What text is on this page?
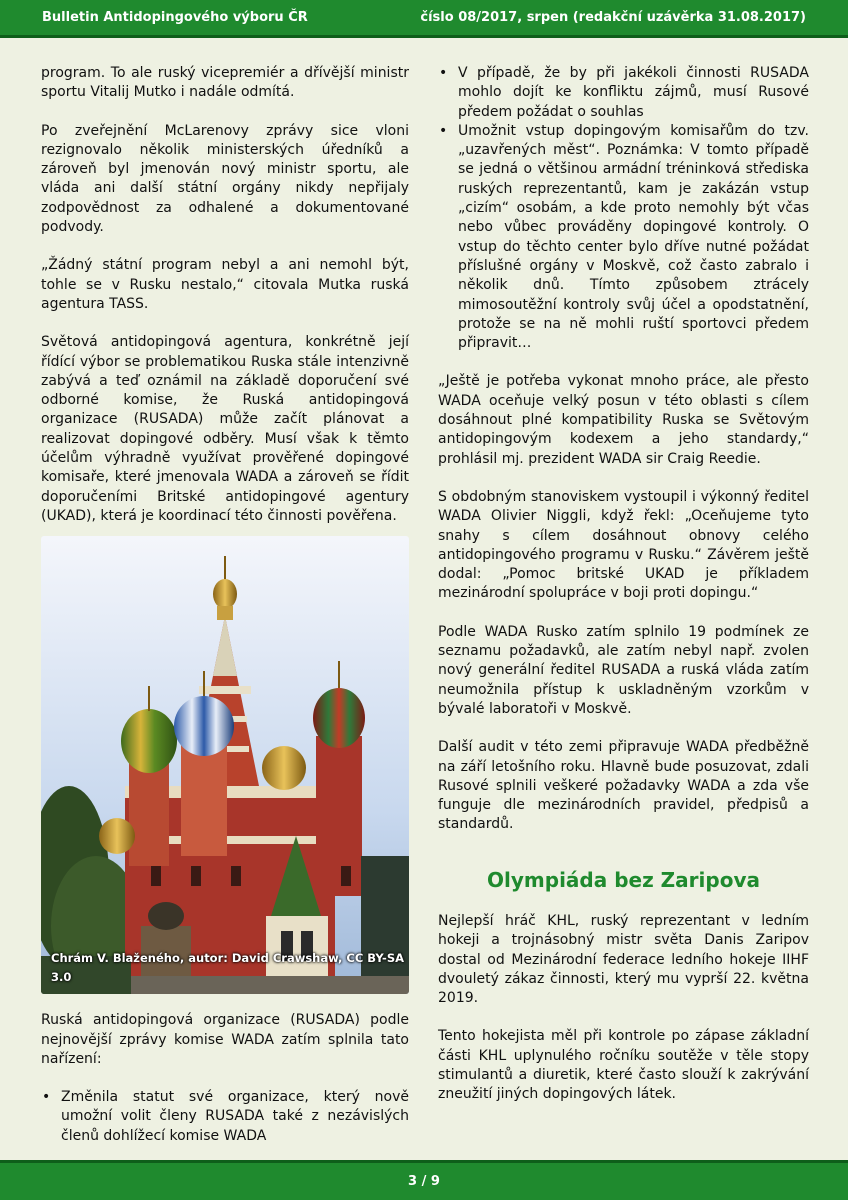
Bulletin Antidopingového výboru ČR	číslo 08/2017, srpen (redakční uzávěrka 31.08.2017)

program. To ale ruský vicepremiér a dřívější ministr sportu Vitalij Mutko i nadále odmítá.

Po zveřejnění McLarenovy zprávy sice vloni rezignovalo několik ministerských úředníků a zároveň byl jmenován nový ministr sportu, ale vláda ani další státní orgány nikdy nepřijaly zodpovědnost za odhalené a dokumentované podvody.

„Žádný státní program nebyl a ani nemohl být, tohle se v Rusku nestalo,“ citovala Mutka ruská agentura TASS.

Světová antidopingová agentura, konkrétně její řídící výbor se problematikou Ruska stále intenzivně zabývá a teď oznámil na základě doporučení své odborné komise, že Ruská antidopingová organizace (RUSADA) může začít plánovat a realizovat dopingové odběry. Musí však k těmto účelům výhradně využívat prověřené dopingové komisaře, které jmenovala WADA a zároveň se řídit doporučeními Britské antidopingové agentury (UKAD), která je koordinací této činnosti pověřena.

Chrám V. Blaženého, autor: David Crawshaw, CC BY-SA 3.0

Ruská antidopingová organizace (RUSADA) podle nejnovější zprávy komise WADA zatím splnila tato nařízení:

• Změnila statut své organizace, který nově umožní volit členy RUSADA také z nezávislých členů dohlížecí komise WADA
• V případě, že by při jakékoli činnosti RUSADA mohlo dojít ke konfliktu zájmů, musí Rusové předem požádat o souhlas
• Umožnit vstup dopingovým komisařům do tzv. „uzavřených měst“. Poznámka: V tomto případě se jedná o většinou armádní tréninková střediska ruských reprezentantů, kam je zakázán vstup „cizím“ osobám, a kde proto nemohly být včas nebo vůbec prováděny dopingové kontroly. O vstup do těchto center bylo dříve nutné požádat příslušné orgány v Moskvě, což často zabralo i několik dnů. Tímto způsobem ztrácely mimosoutěžní kontroly svůj účel a opodstatnění, protože se na ně mohli ruští sportovci předem připravit…

„Ještě je potřeba vykonat mnoho práce, ale přesto WADA oceňuje velký posun v této oblasti s cílem dosáhnout plné kompatibility Ruska se Světovým antidopingovým kodexem a jeho standardy,“ prohlásil mj. prezident WADA sir Craig Reedie.

S obdobným stanoviskem vystoupil i výkonný ředitel WADA Olivier Niggli, když řekl: „Oceňujeme tyto snahy s cílem dosáhnout obnovy celého antidopingového programu v Rusku.“ Závěrem ještě dodal: „Pomoc britské UKAD je příkladem mezinárodní spolupráce v boji proti dopingu.“

Podle WADA Rusko zatím splnilo 19 podmínek ze seznamu požadavků, ale zatím nebyl např. zvolen nový generální ředitel RUSADA a ruská vláda zatím neumožnila přístup k uskladněným vzorkům v bývalé laboratoři v Moskvě.

Další audit v této zemi připravuje WADA předběžně na září letošního roku. Hlavně bude posuzovat, zdali Rusové splnili veškeré požadavky WADA a zda vše funguje dle mezinárodních pravidel, předpisů a standardů.

Olympiáda bez Zaripova

Nejlepší hráč KHL, ruský reprezentant v ledním hokeji a trojnásobný mistr světa Danis Zaripov dostal od Mezinárodní federace ledního hokeje IIHF dvouletý zákaz činnosti, který mu vyprší 22. května 2019.

Tento hokejista měl při kontrole po zápase základní části KHL uplynulého ročníku soutěže v těle stopy stimulantů a diuretik, které často slouží k zakrývání zneužití jiných dopingových látek.

3 / 9
